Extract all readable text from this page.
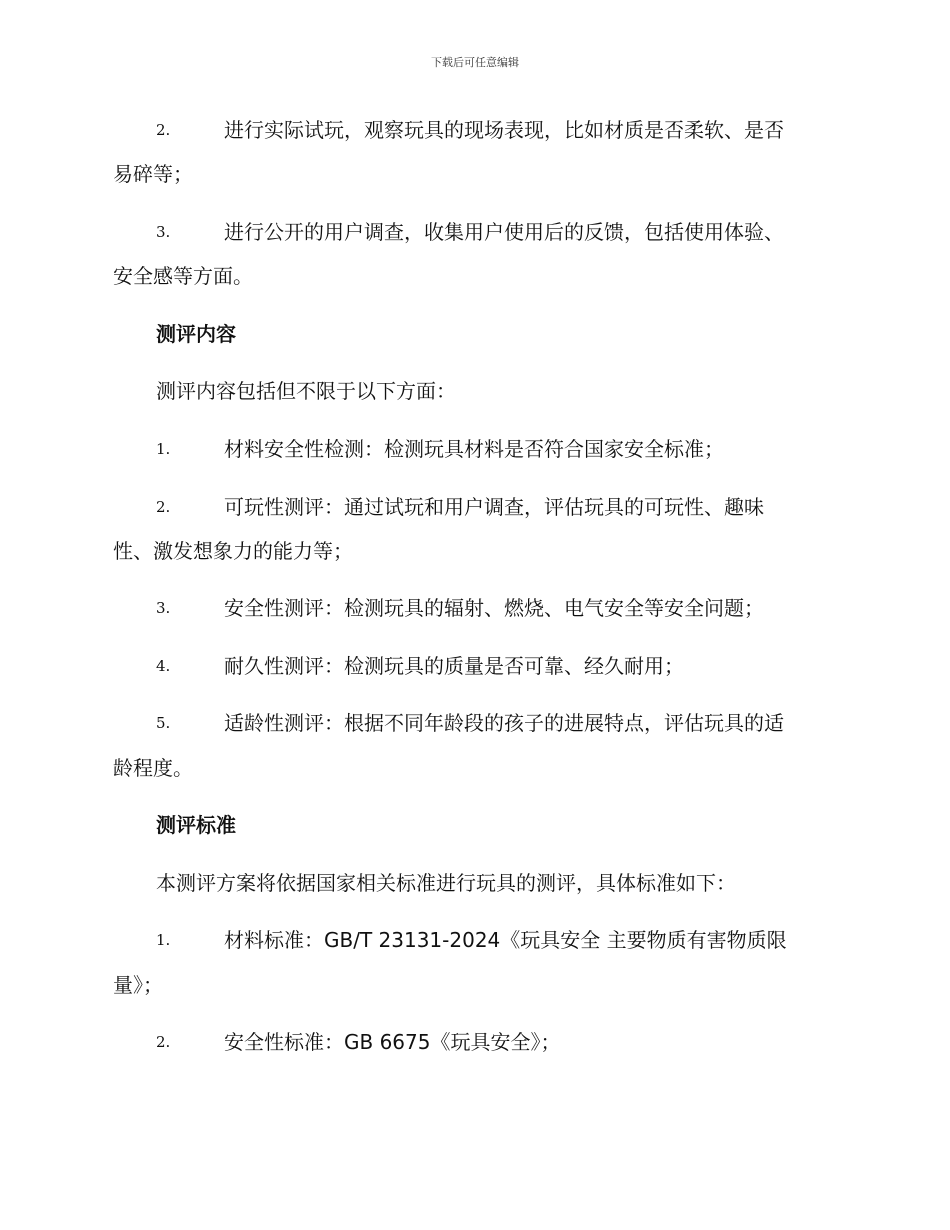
下载后可任意编辑
2.	进行实际试玩，观察玩具的现场表现，比如材质是否柔软、是否
易碎等；
3.	进行公开的用户调查，收集用户使用后的反馈，包括使用体验、
安全感等方面。
测评内容
测评内容包括但不限于以下方面：
1.	材料安全性检测：检测玩具材料是否符合国家安全标准；
2.	可玩性测评：通过试玩和用户调查，评估玩具的可玩性、趣味
性、激发想象力的能力等；
3.	安全性测评：检测玩具的辐射、燃烧、电气安全等安全问题；
4.	耐久性测评：检测玩具的质量是否可靠、经久耐用；
5.	适龄性测评：根据不同年龄段的孩子的进展特点，评估玩具的适
龄程度。
测评标准
本测评方案将依据国家相关标准进行玩具的测评，具体标准如下：
1.	材料标准：GB/T 23131-2024《玩具安全 主要物质有害物质限
量》；
2.	安全性标准：GB 6675《玩具安全》；
